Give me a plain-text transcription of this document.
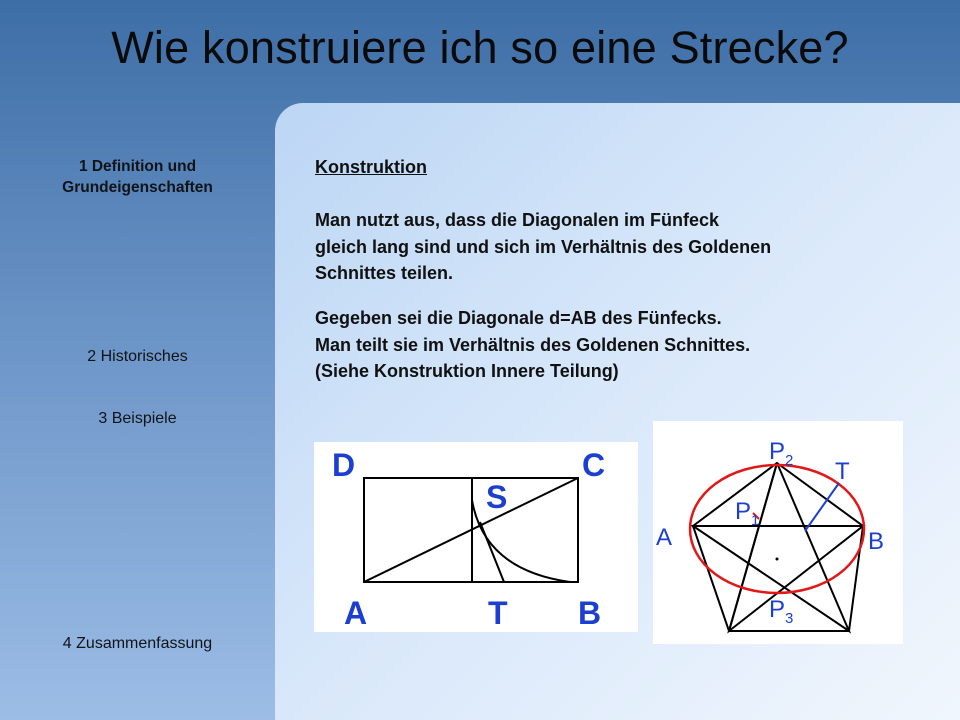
Wie konstruiere ich so eine Strecke?
1 Definition und
Grundeigenschaften
2 Historisches
3 Beispiele
4 Zusammenfassung
Konstruktion
Man nutzt aus, dass die Diagonalen im Fünfeck
gleich lang sind und sich im Verhältnis des Goldenen
Schnittes teilen.
Gegeben sei die Diagonale d=AB des Fünfecks.
Man teilt sie im Verhältnis des Goldenen Schnittes.
(Siehe Konstruktion Innere Teilung)
D	C
S
A	T B
A	B
T
$P_1$
$P_2$
$P_3$
